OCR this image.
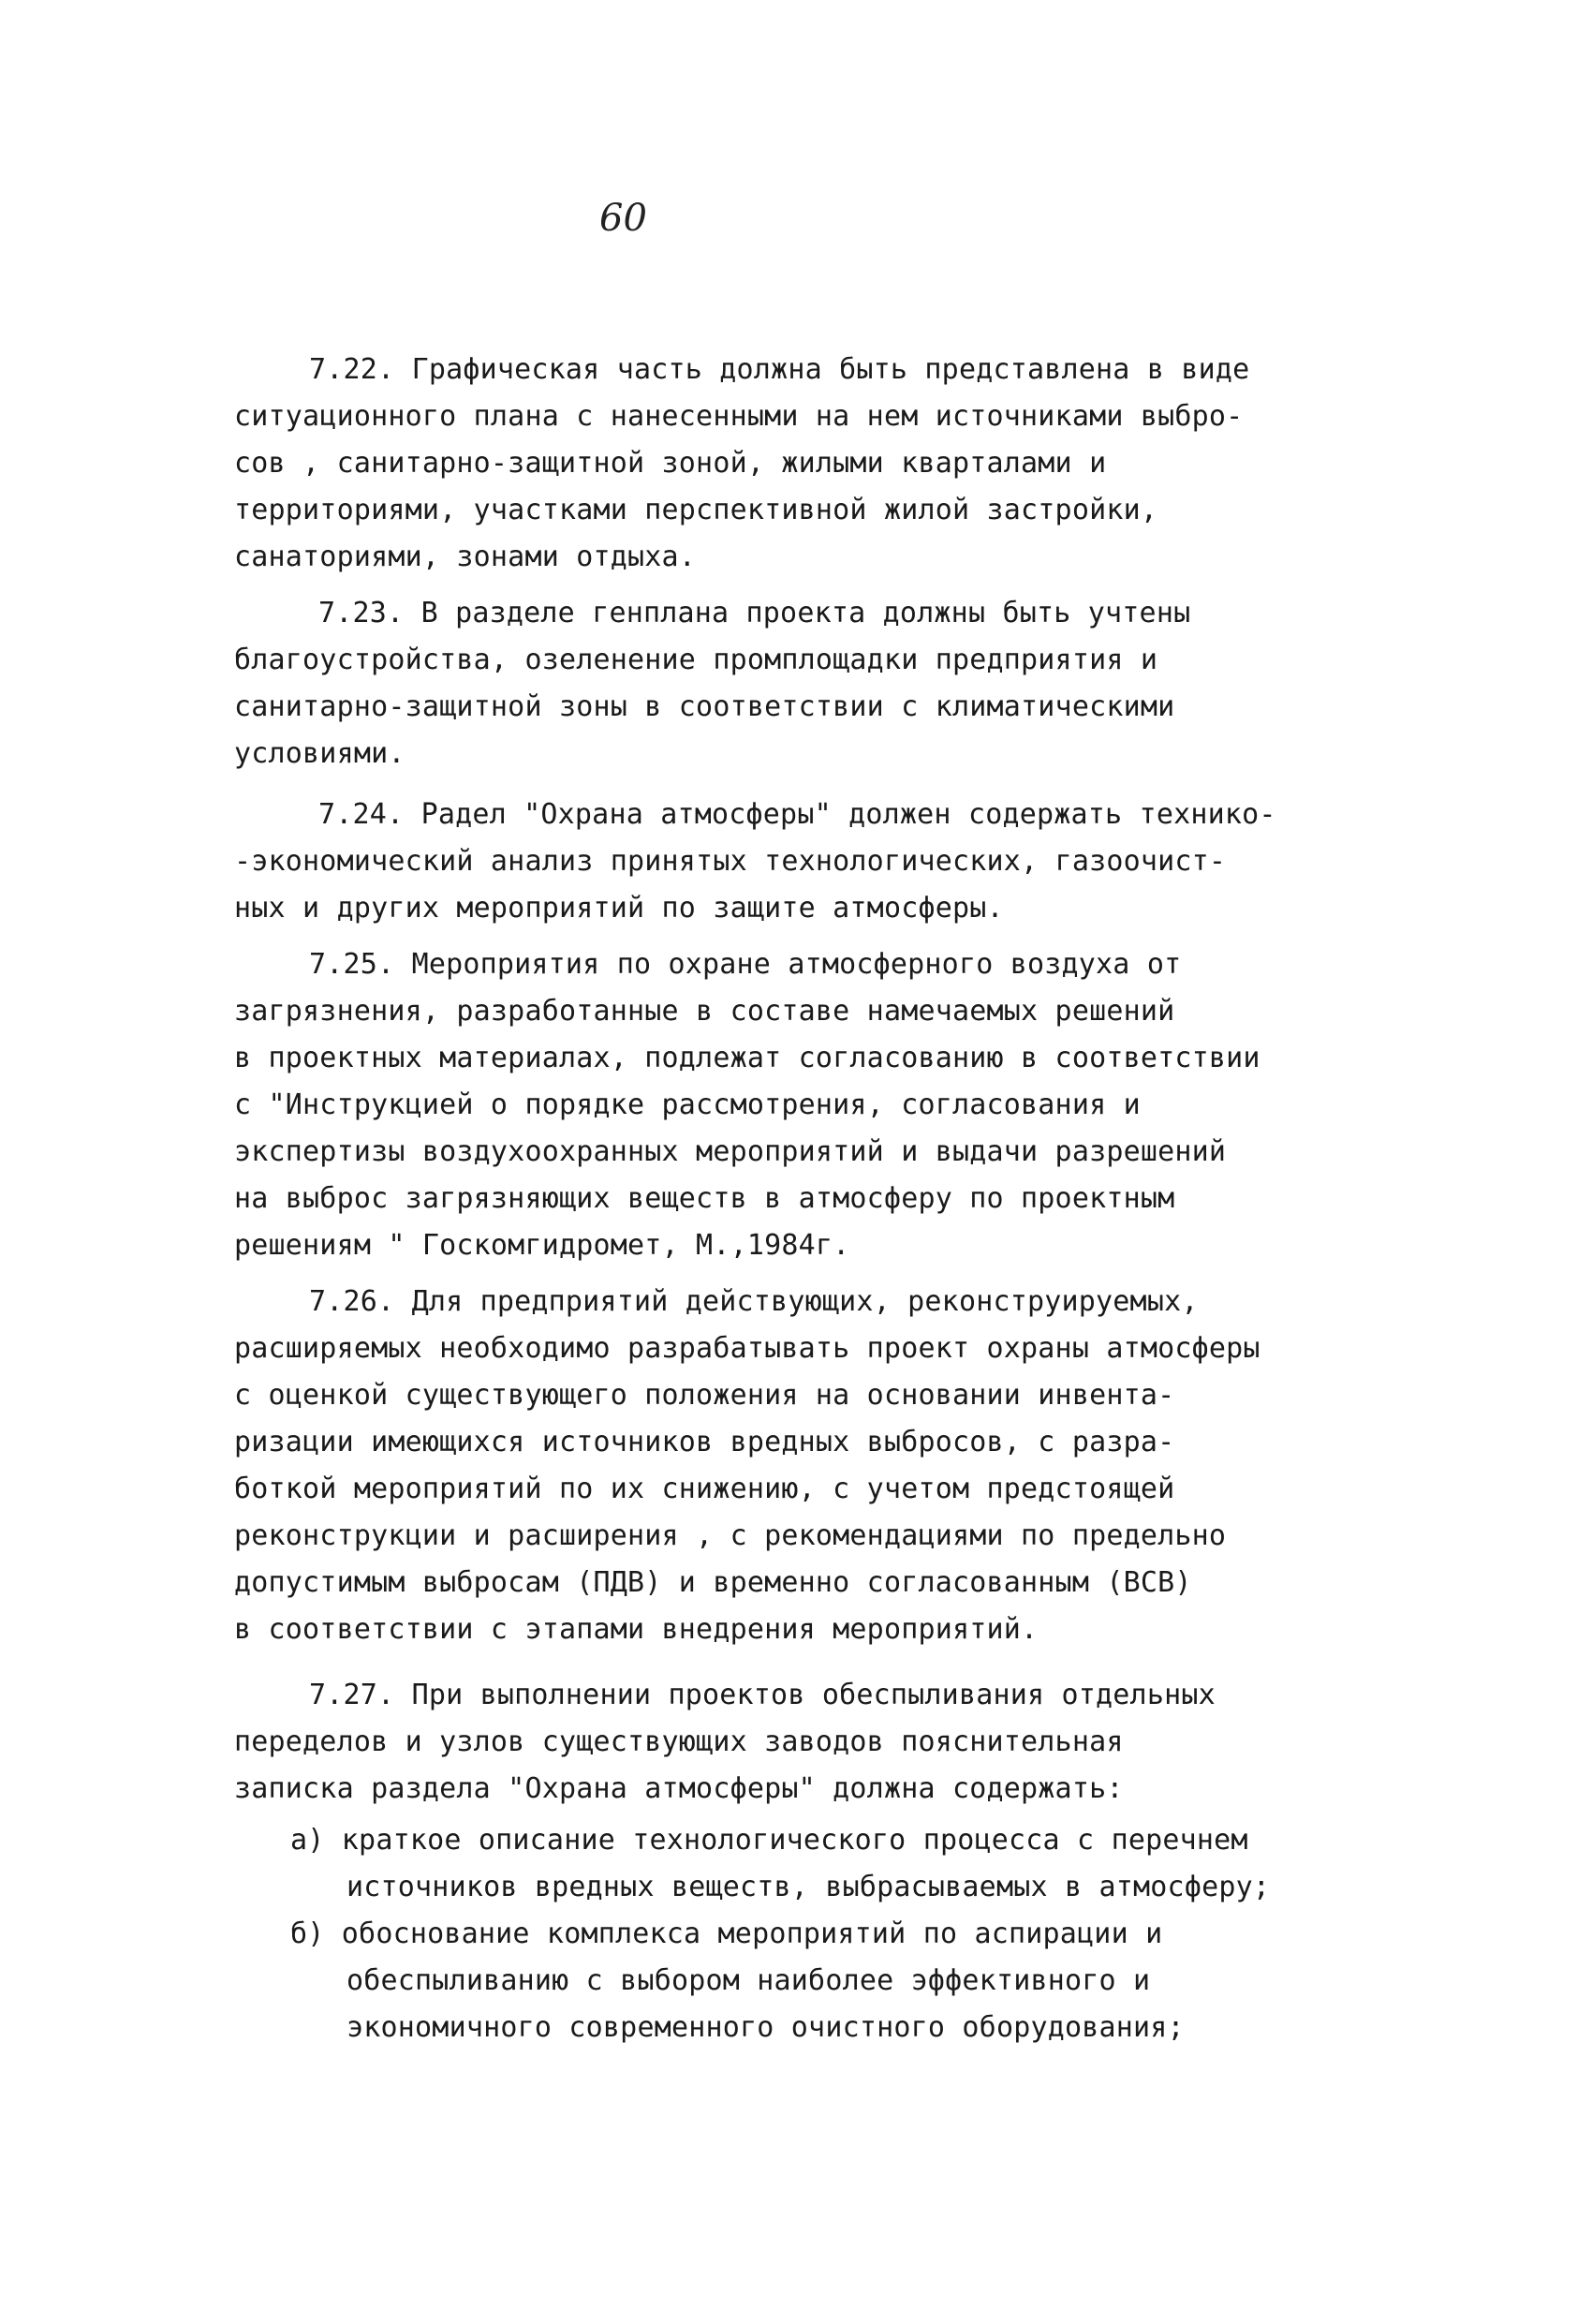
60

7.22. Графическая часть должна быть представлена в виде
ситуационного плана с нанесенными на нем источниками выбро-
сов , санитарно-защитной зоной, жилыми кварталами и
территориями, участками перспективной жилой застройки,
санаториями, зонами отдыха.

7.23. В разделе генплана проекта должны быть учтены
благоустройства, озеленение промплощадки предприятия и
санитарно-защитной зоны в соответствии с климатическими
условиями.

7.24. Радел "Охрана атмосферы" должен содержать технико-
-экономический анализ принятых технологических, газоочист-
ных и других мероприятий по защите атмосферы.

7.25. Мероприятия по охране атмосферного воздуха от
загрязнения, разработанные в составе намечаемых решений
в проектных материалах, подлежат согласованию в соответствии
с "Инструкцией о порядке рассмотрения, согласования и
экспертизы воздухоохранных мероприятий и выдачи разрешений
на выброс загрязняющих веществ в атмосферу по проектным
решениям " Госкомгидромет, М.,1984г.

7.26. Для предприятий действующих, реконструируемых,
расширяемых необходимо разрабатывать проект охраны атмосферы
с оценкой существующего положения на основании инвента-
ризации имеющихся источников вредных выбросов, с разра-
боткой мероприятий по их снижению, с учетом предстоящей
реконструкции и расширения , с рекомендациями по предельно
допустимым выбросам (ПДВ) и временно согласованным (ВСВ)
в соответствии с этапами внедрения мероприятий.

7.27. При выполнении проектов обеспыливания отдельных
переделов и узлов существующих заводов пояснительная
записка раздела "Охрана атмосферы" должна содержать:

а) краткое описание технологического процесса с перечнем
источников вредных веществ, выбрасываемых в атмосферу;

б) обоснование комплекса мероприятий по аспирации и
обеспыливанию с выбором наиболее эффективного и
экономичного современного очистного оборудования;
